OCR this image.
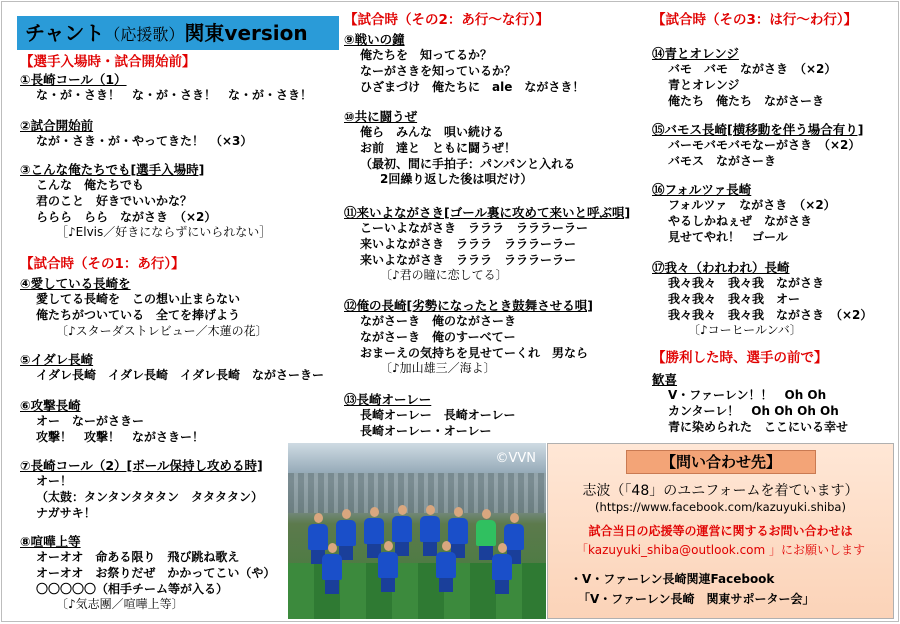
チャント（応援歌）関東version
【選手入場時・試合開始前】
①長崎コール（1）
な・が・さき！　な・が・さき！　な・が・さき！
②試合開始前
なが・さき・が・やってきた！　（×3）
③こんな俺たちでも[選手入場時]
こんな　俺たちでも
君のこと　好きでいいかな？
ららら　らら　ながさき　（×2）
［♪Elvis／好きにならずにいられない］
【試合時（その1：あ行）】
④愛している長崎を
愛してる長崎を　この想い止まらない
俺たちがついている　全てを捧げよう
〔♪スターダストレビュー／木蓮の花〕
⑤イダレ長崎
イダレ長崎　イダレ長崎　イダレ長崎　ながさーきー
⑥攻撃長崎
オー　なーがさきー
攻撃！　攻撃！　ながさきー！
⑦長崎コール（2）[ボール保持し攻める時]
オー！
（太鼓：タンタンタタタン　タタタタン）
ナガサキ！
⑧喧嘩上等
オーオオ　命ある限り　飛び跳ね歌え
オーオオ　お祭りだぜ　かかってこい（や）
〇〇〇〇〇（相手チーム等が入る）
〔♪気志團／喧嘩上等〕
【試合時（その2：あ行～な行）】
⑨戦いの鐘
俺たちを　知ってるか？
なーがさきを知っているか？
ひざまづけ　俺たちに　ale　ながさき！
⑩共に闘うぜ
俺ら　みんな　唄い続ける
お前　達と　ともに闘うぜ！
（最初、間に手拍子：パンパンと入れる
2回繰り返した後は唄だけ）
⑪来いよながさき[ゴール裏に攻めて来いと呼ぶ唄]
こーいよながさき　ラララ　ラララーラー
来いよながさき　ラララ　ラララーラー
来いよながさき　ラララ　ラララーラー
〔♪君の瞳に恋してる〕
⑫俺の長崎[劣勢になったとき鼓舞させる唄]
ながさーき　俺のながさーき
ながさーき　俺のすーべてー
おまーえの気持ちを見せてーくれ　男なら
〔♪加山雄三／海よ〕
⑬長崎オーレー
長崎オーレー　長崎オーレー
長崎オーレー・オーレー
【試合時（その3：は行～わ行）】
⑭青とオレンジ
バモ　バモ　ながさき　（×2）
青とオレンジ
俺たち　俺たち　ながさーき
⑮バモス長崎[横移動を伴う場合有り]
バーモバモバモなーがさき　（×2）
バモス　ながさーき
⑯フォルツァ長崎
フォルツァ　ながさき　（×2）
やるしかねぇぜ　ながさき
見せてやれ！　ゴール
⑰我々（われわれ）長崎
我々我々　我々我　ながさき
我々我々　我々我　オー
我々我々　我々我　ながさき　（×2）
〔♪コーヒールンバ〕
【勝利した時、選手の前で】
歓喜
V・ファーレン！！　Oh Oh
カンターレ！　Oh Oh Oh Oh
青に染められた　ここにいる幸せ
©VVN	【問い合わせ先】
志波（「48」のユニフォームを着ています）
(https://www.facebook.com/kazuyuki.shiba)
試合当日の応援等の運営に関するお問い合わせは
「kazuyuki_shiba@outlook.com 」にお願いします
・V・ファーレン長崎関連Facebook
「V・ファーレン長崎　関東サポーター会」
